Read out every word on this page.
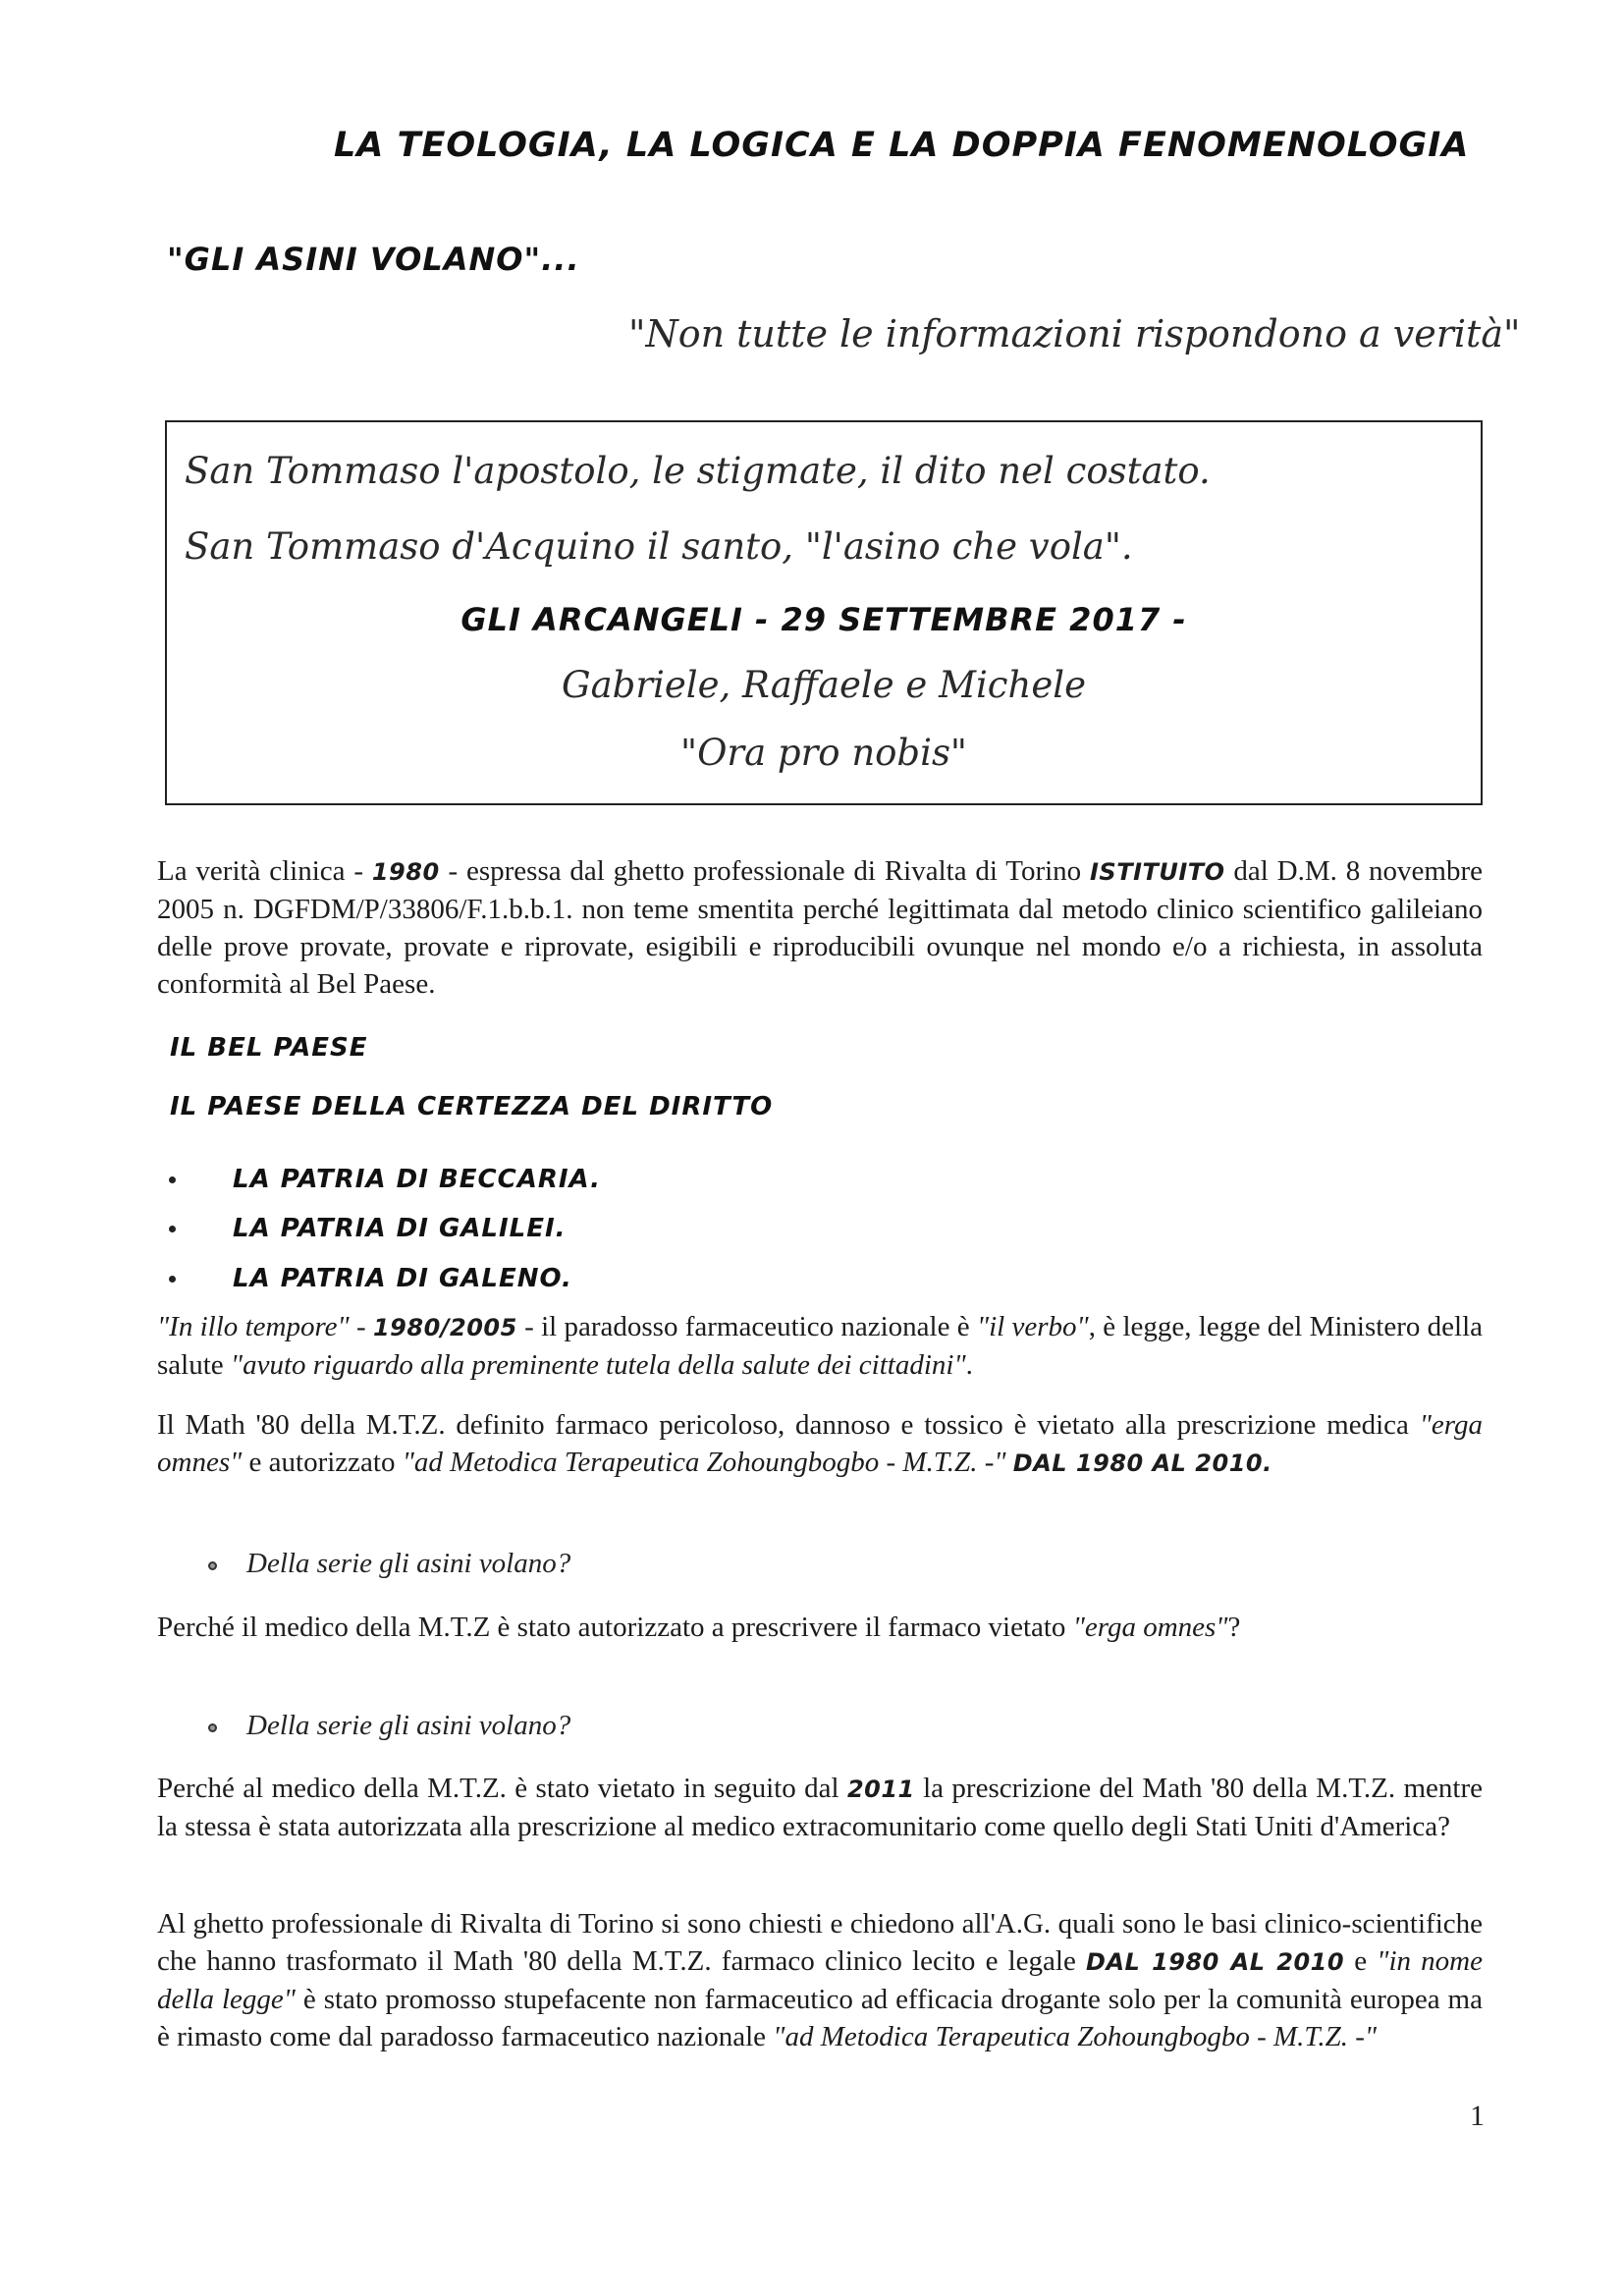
LA TEOLOGIA, LA LOGICA E LA DOPPIA FENOMENOLOGIA
"GLI ASINI VOLANO"...
"Non tutte le informazioni rispondono a verità"
San Tommaso l'apostolo, le stigmate, il dito nel costato.
San Tommaso d'Acquino il santo, "l'asino che vola".
GLI ARCANGELI - 29 SETTEMBRE 2017 -
Gabriele, Raffaele e Michele
"Ora pro nobis"
La verità clinica - 1980 - espressa dal ghetto professionale di Rivalta di Torino ISTITUITO dal D.M. 8 novembre 2005 n. DGFDM/P/33806/F.1.b.b.1. non teme smentita perché legittimata dal metodo clinico scientifico galileiano delle prove provate, provate e riprovate, esigibili e riproducibili ovunque nel mondo e/o a richiesta, in assoluta conformità al Bel Paese.
IL BEL PAESE
IL PAESE DELLA CERTEZZA DEL DIRITTO
LA PATRIA DI BECCARIA.
LA PATRIA DI GALILEI.
LA PATRIA DI GALENO.
"In illo tempore" - 1980/2005 - il paradosso farmaceutico nazionale è "il verbo", è legge, legge del Ministero della salute "avuto riguardo alla preminente tutela della salute dei cittadini".
Il Math '80 della M.T.Z. definito farmaco pericoloso, dannoso e tossico è vietato alla prescrizione medica "erga omnes" e autorizzato "ad Metodica Terapeutica Zohoungbogbo - M.T.Z. -" DAL 1980 AL 2010.
Della serie gli asini volano?
Perché il medico della M.T.Z è stato autorizzato a prescrivere il farmaco vietato "erga omnes"?
Della serie gli asini volano?
Perché al medico della M.T.Z. è stato vietato in seguito dal 2011 la prescrizione del Math '80 della M.T.Z. mentre la stessa è stata autorizzata alla prescrizione al medico extracomunitario come quello degli Stati Uniti d'America?
Al ghetto professionale di Rivalta di Torino si sono chiesti e chiedono all'A.G. quali sono le basi clinico-scientifiche che hanno trasformato il Math '80 della M.T.Z. farmaco clinico lecito e legale DAL 1980 AL 2010 e "in nome della legge" è stato promosso stupefacente non farmaceutico ad efficacia drogante solo per la comunità europea ma è rimasto come dal paradosso farmaceutico nazionale "ad Metodica Terapeutica Zohoungbogbo - M.T.Z. -"
1
